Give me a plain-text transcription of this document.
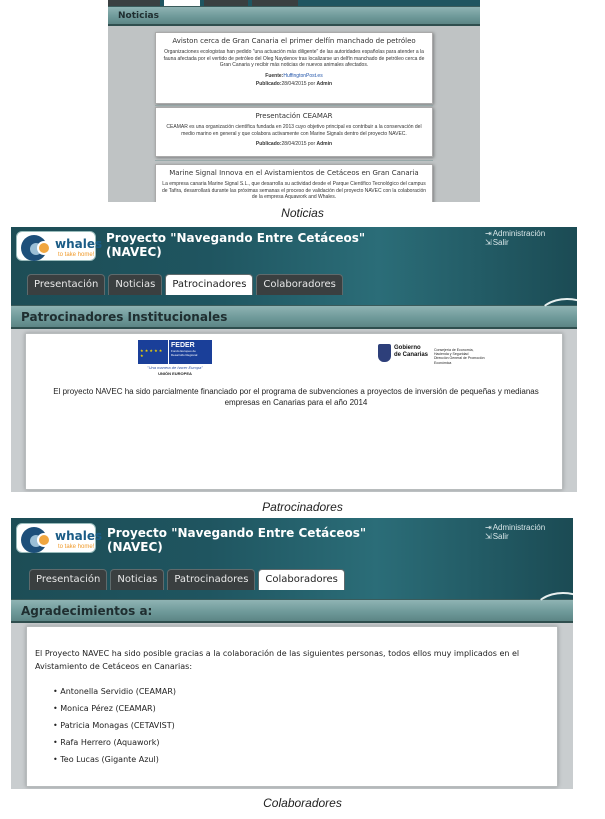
Noticias
Aviston cerca de Gran Canaria el primer delfín manchado de petróleo

Organizaciones ecologistas han pedido "una actuación más diligente" de las autoridades españolas para atender a la fauna afectada por el vertido de petróleo del Oleg Naydenov tras localizarse un delfín manchado de petróleo cerca de Gran Canaria y recibir más noticias de nuevos animales afectados.

Fuente:HuffingtonPost.es
Publicado:28/04/2015 por Admin
Presentación CEAMAR

CEAMAR es una organización científica fundada en 2013 cuyo objetivo principal es contribuir a la conservación del medio marino en general y que colabora activamente con Marine Signals dentro del proyecto NAVEC.

Publicado:28/04/2015 por Admin
Marine Signal Innova en el Avistamientos de Cetáceos en Gran Canaria

La empresa canaria Marine Signal S.L., que desarrolla su actividad desde el Parque Científico Tecnológico del campus de Tafira, desarrollará durante las próximas semanas el proceso de validación del proyecto NAVEC con la colaboración de la empresa Aquawork and Whales.

Noticias
whales
to take home!
Proyecto "Navegando Entre Cetáceos"
(NAVEC)
⇥Administración ⇲Salir
Presentación	Noticias	Patrocinadores	Colaboradores
Patrocinadores Institucionales
★ ★ ★ ★ ★ ★
FEDER
Fondo Europeo de Desarrollo Regional
"Una manera de hacer Europa"
UNIÓN EUROPEA
Gobierno
de Canarias
Consejería de Economía, Hacienda y Seguridad
Dirección General de Promoción Económica
El proyecto NAVEC ha sido parcialmente financiado por el programa de subvenciones a proyectos de inversión de pequeñas y medianas empresas en Canarias para el año 2014
Patrocinadores
whales
to take home!
Proyecto "Navegando Entre Cetáceos"
(NAVEC)
⇥Administración ⇲Salir
Presentación	Noticias	Patrocinadores	Colaboradores
Agradecimientos a:
El Proyecto NAVEC ha sido posible gracias a la colaboración de las siguientes personas, todos ellos muy implicados en el Avistamiento de Cetáceos en Canarias:
• Antonella Servidio (CEAMAR)
• Monica Pérez (CEAMAR)
• Patricia Monagas (CETAVIST)
• Rafa Herrero (Aquawork)
• Teo Lucas (Gigante Azul)
Colaboradores
